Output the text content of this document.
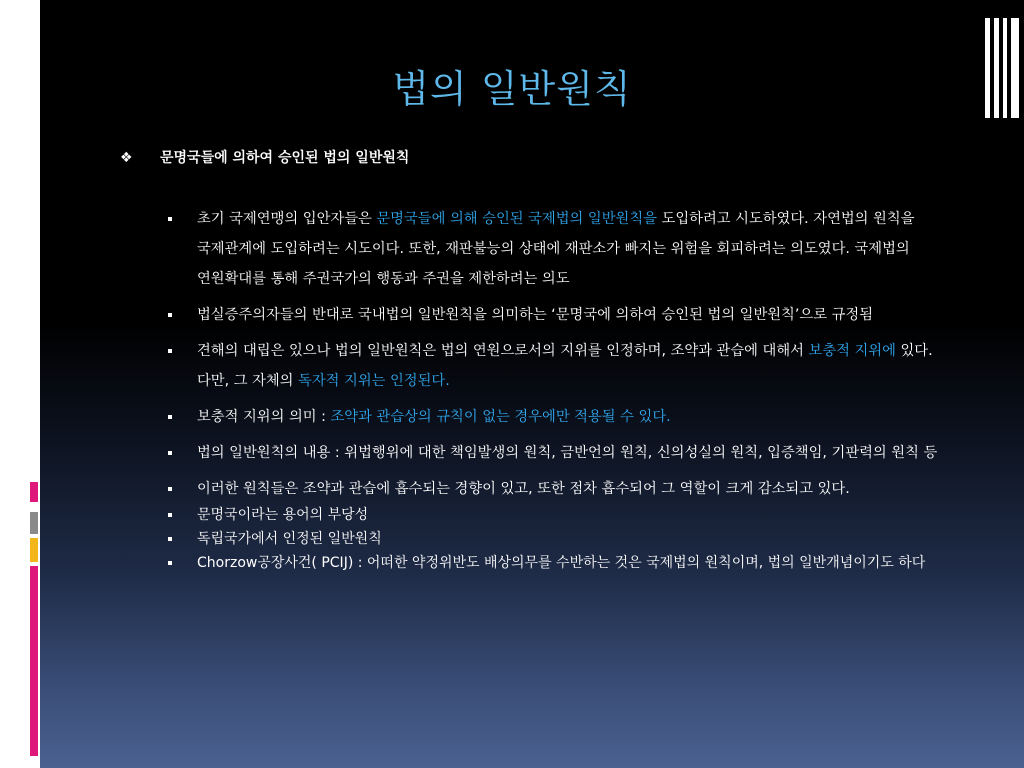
법의 일반원칙
❖ 문명국들에 의하여 승인된 법의 일반원칙
초기 국제연맹의 입안자들은 문명국들에 의해 승인된 국제법의 일반원칙을 도입하려고 시도하였다. 자연법의 원칙을 국제관계에 도입하려는 시도이다. 또한, 재판불능의 상태에 재판소가 빠지는 위험을 회피하려는 의도였다. 국제법의 연원확대를 통해 주권국가의 행동과 주권을 제한하려는 의도
법실증주의자들의 반대로 국내법의 일반원칙을 의미하는 ‘문명국에 의하여 승인된 법의 일반원칙’으로 규정됨
견해의 대립은 있으나 법의 일반원칙은 법의 연원으로서의 지위를 인정하며, 조약과 관습에 대해서 보충적 지위에 있다. 다만, 그 자체의 독자적 지위는 인정된다.
보충적 지위의 의미 : 조약과 관습상의 규칙이 없는 경우에만 적용될 수 있다.
법의 일반원칙의 내용 : 위법행위에 대한 책임발생의 원칙, 금반언의 원칙, 신의성실의 원칙, 입증책임, 기판력의 원칙 등
이러한 원칙들은 조약과 관습에 흡수되는 경향이 있고, 또한 점차 흡수되어 그 역할이 크게 감소되고 있다.
문명국이라는 용어의 부당성
독립국가에서 인정된 일반원칙
Chorzow공장사건( PCIJ) : 어떠한 약정위반도 배상의무를 수반하는 것은 국제법의 원칙이며, 법의 일반개념이기도 하다
